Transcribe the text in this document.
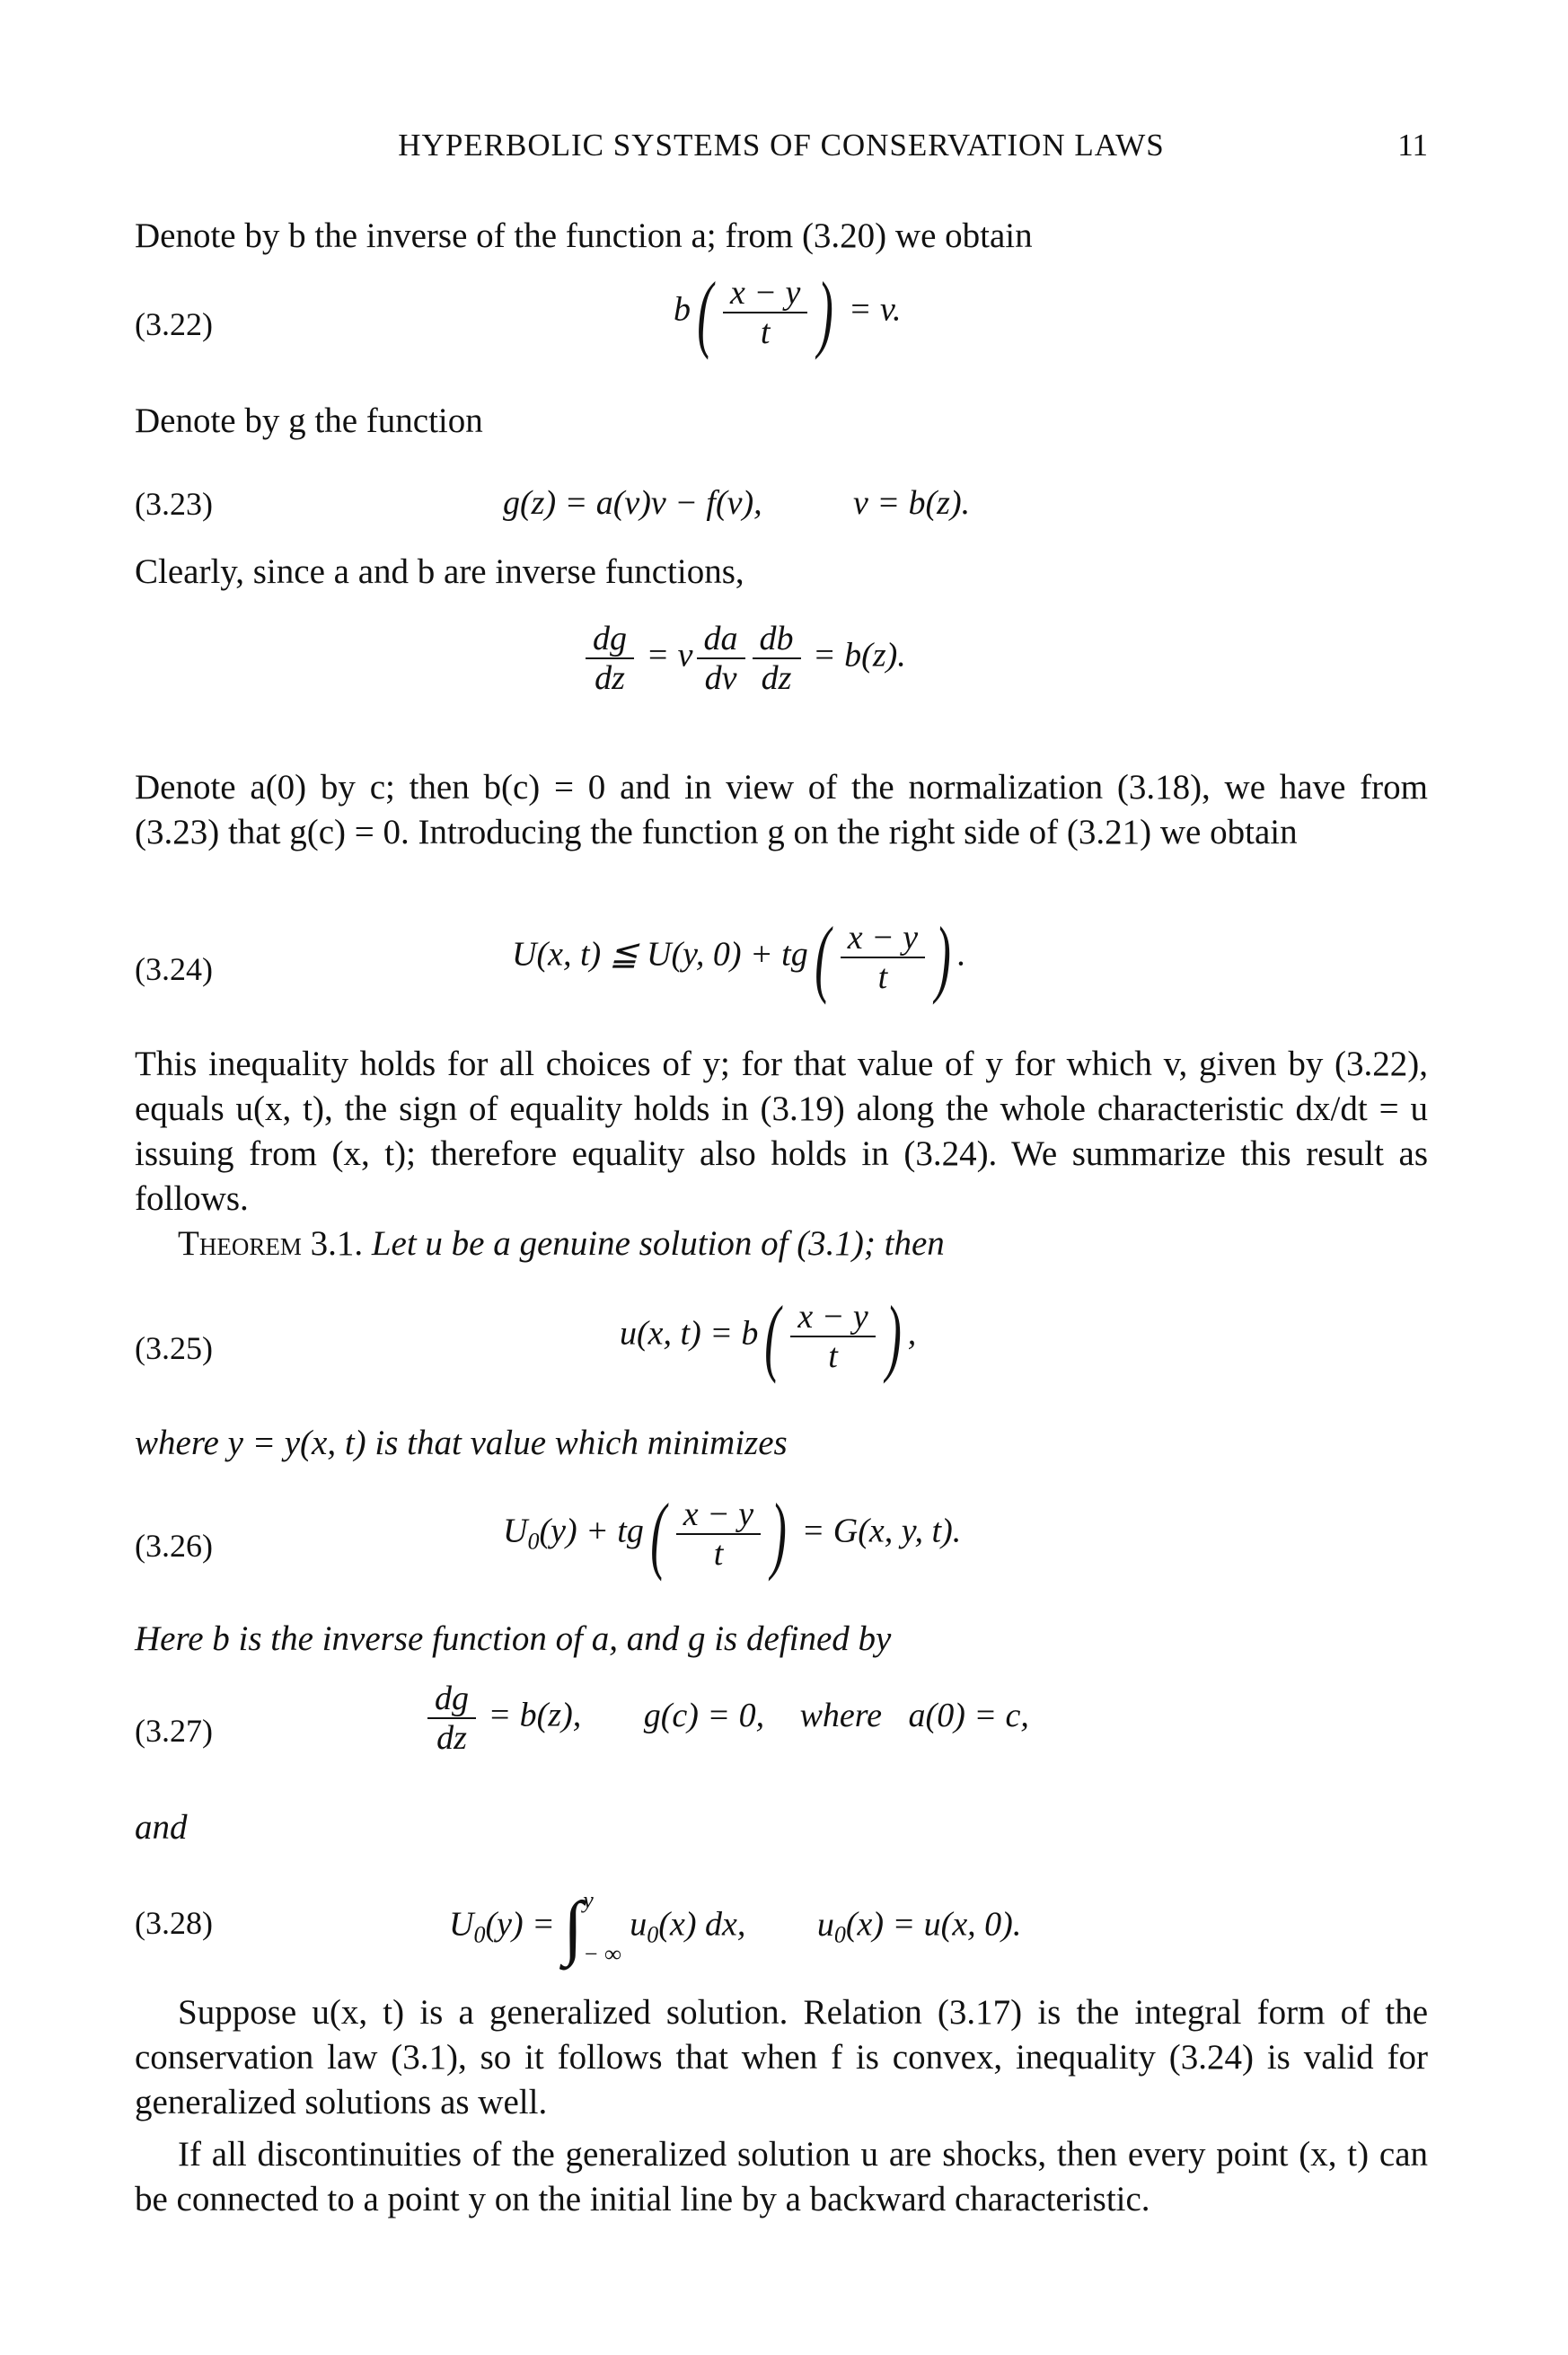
HYPERBOLIC SYSTEMS OF CONSERVATION LAWS	11
Denote by b the inverse of the function a; from (3.20) we obtain
(3.22)	$b( \frac{x - y}{t}$ ) = v.
Denote by g the function
(3.23)	g(z) = a(v)v − f(v),	v = b(z).
Clearly, since a and b are inverse functions,
$\frac{dg}{dz} = v \frac{da}{dv} \frac{db}{dz} = b(z)$.
Denote a(0) by c; then b(c) = 0 and in view of the normalization (3.18), we have from (3.23) that g(c) = 0. Introducing the function g on the right side of (3.21) we obtain
(3.24)	U(x, t) ≦ U(y, $0) + tg( \frac{x - y}{t}$ ) .
This inequality holds for all choices of y; for that value of y for which v, given by (3.22), equals u(x, t), the sign of equality holds in (3.19) along the whole characteristic dx/dt = u issuing from (x, t); therefore equality also holds in (3.24). We summarize this result as follows.
Theorem 3.1. Let u be a genuine solution of (3.1); then
(3.25)	u(x, $t) = b( \frac{x - y}{t}$ ) ,
where y = y(x, t) is that value which minimizes
(3.26)	$U_0(y) + tg( \frac{x - y}{t}$ ) = G(x, y, t).
Here b is the inverse function of a, and g is defined by
(3.27)	$\frac{dg}{dz} = b(z)$, g(c) = 0, where a(0) = c,
and
(3.28)	$U_0(y)$ = ∫ y
− ∞
$u_0(x)$ dx, $u_0(x) = u(x$, 0).
Suppose u(x, t) is a generalized solution. Relation (3.17) is the integral form of the conservation law (3.1), so it follows that when f is convex, inequality (3.24) is valid for generalized solutions as well.
If all discontinuities of the generalized solution u are shocks, then every point (x, t) can be connected to a point y on the initial line by a backward characteristic.
